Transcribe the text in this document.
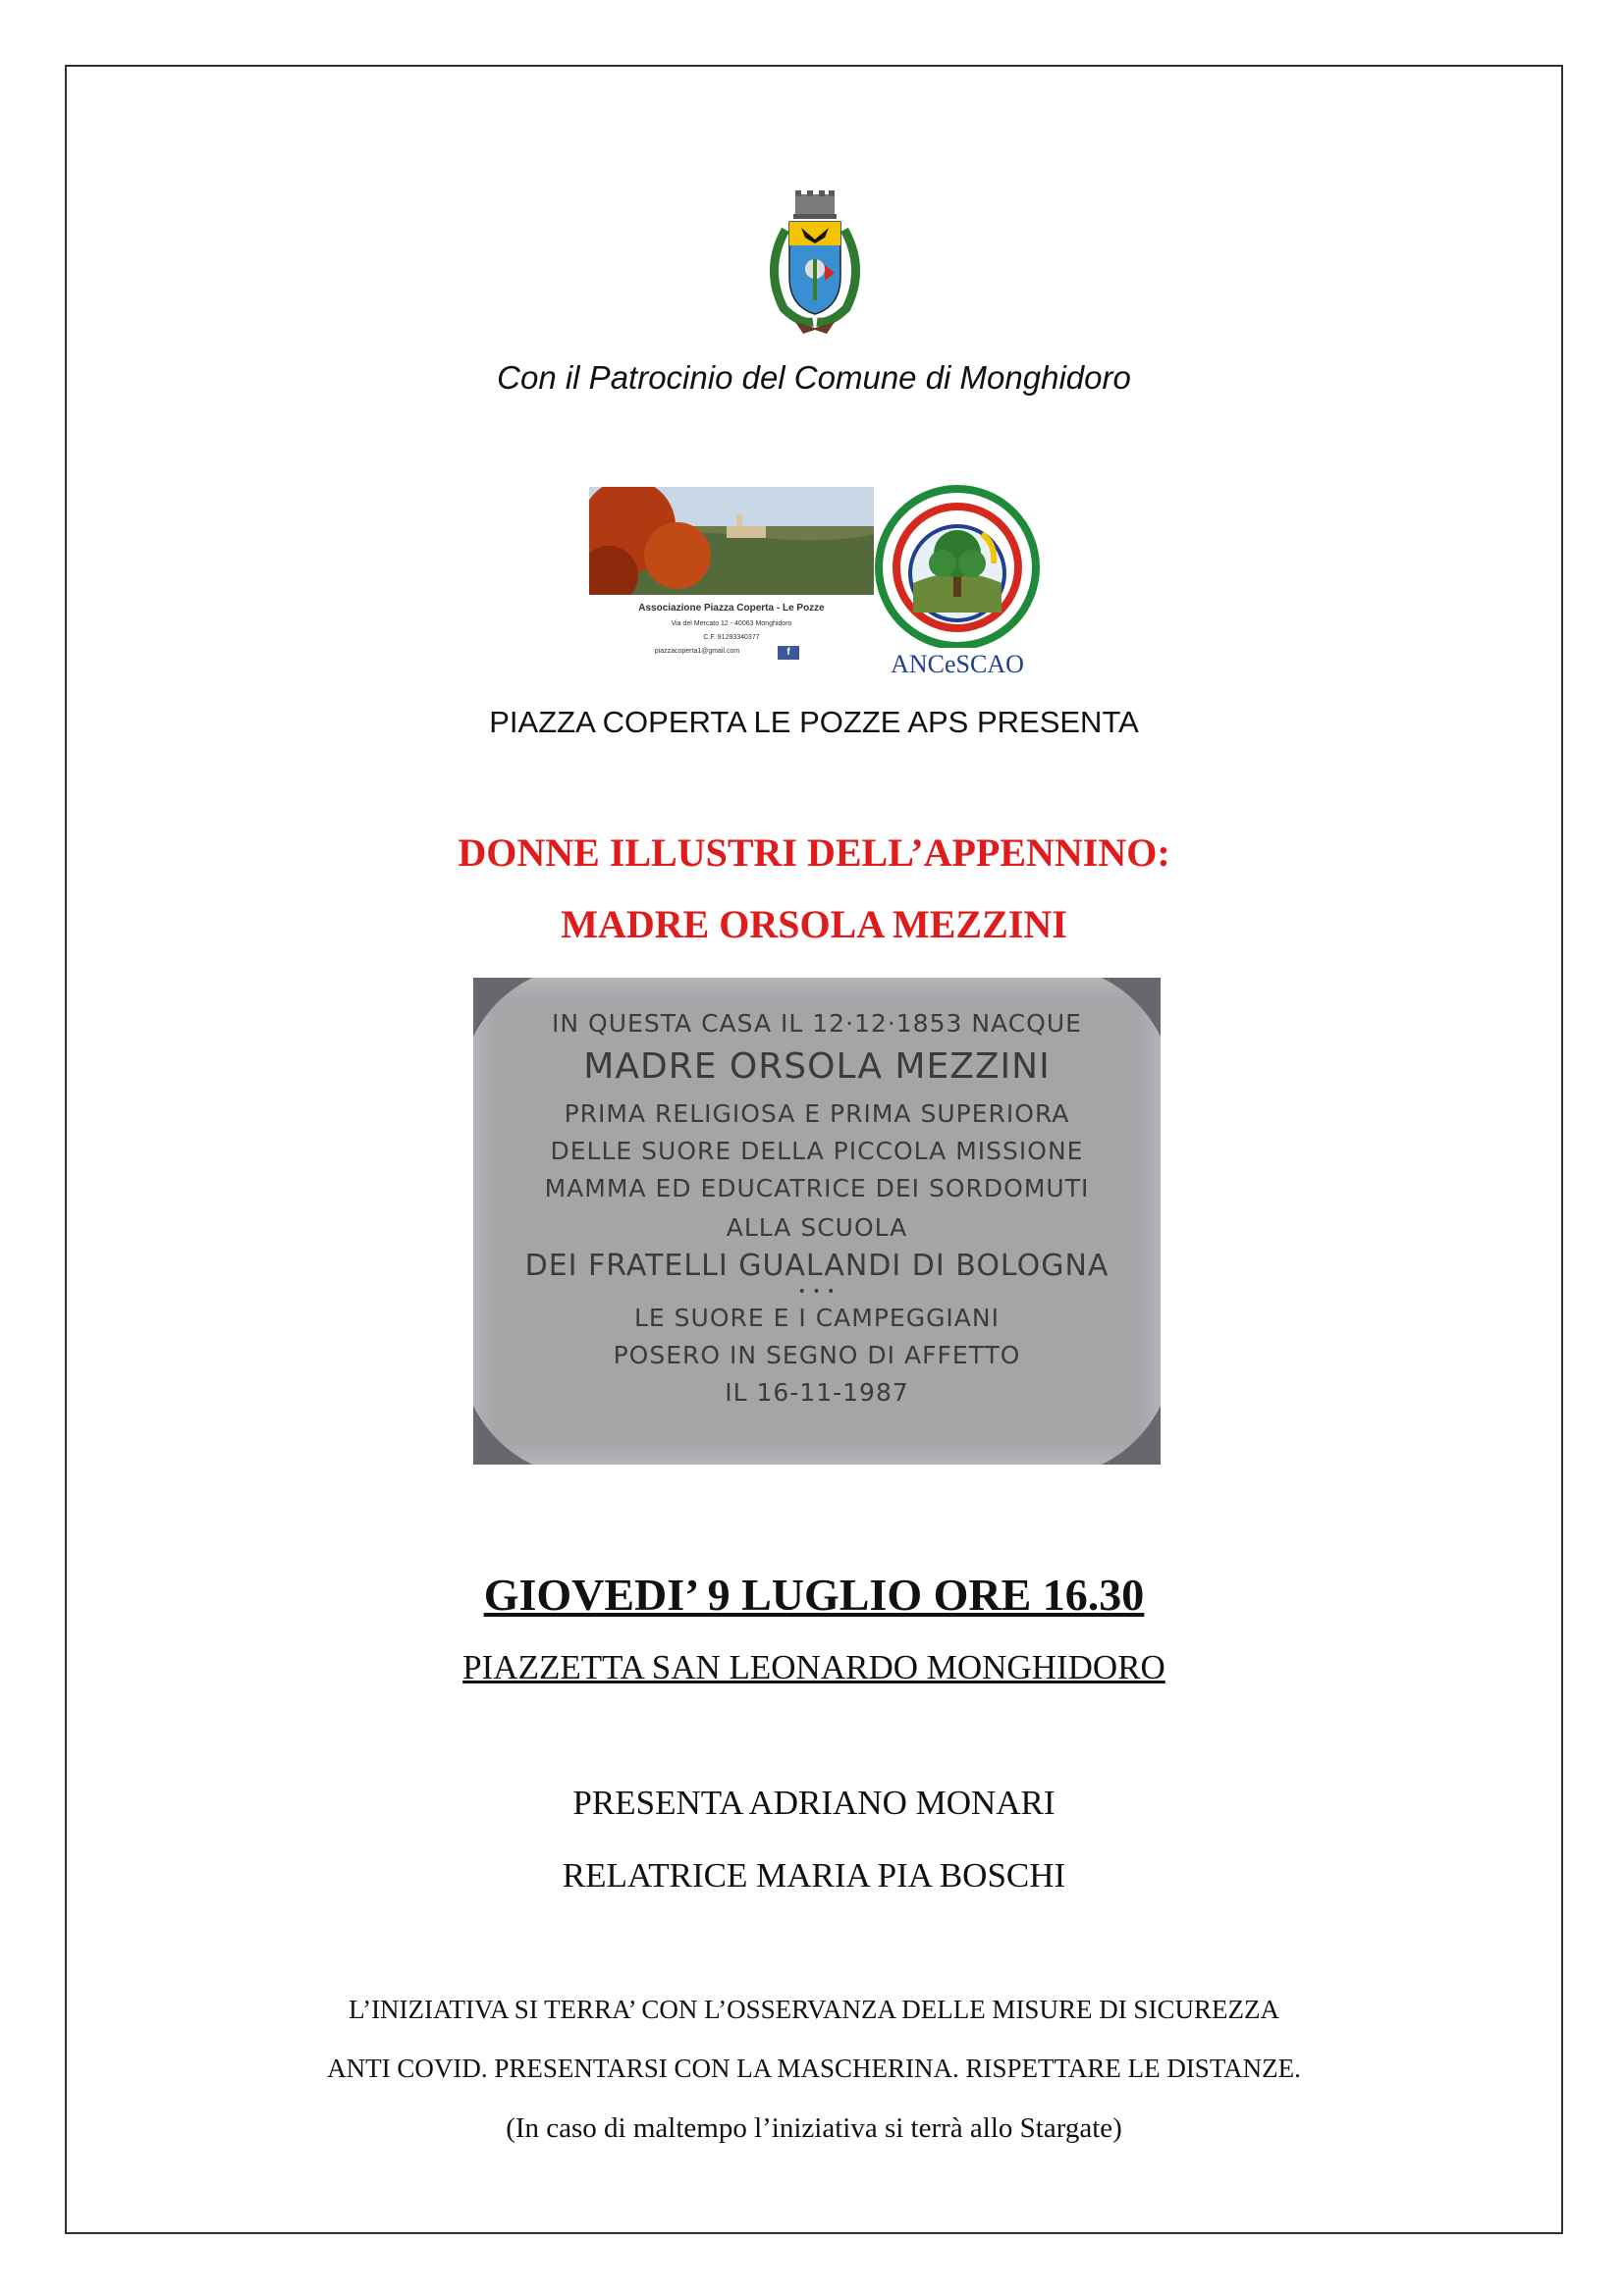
Con il Patrocinio del Comune di Monghidoro
Associazione Piazza Coperta - Le Pozze
Via del Mercato 12 - 40063 Monghidoro
C.F. 91293340377
piazzacoperta1@gmail.com	f	ANCeSCAO
PIAZZA COPERTA LE POZZE APS PRESENTA
DONNE ILLUSTRI DELL’APPENNINO:
MADRE ORSOLA MEZZINI
IN QUESTA CASA IL 12·12·1853 NACQUE
MADRE ORSOLA MEZZINI
PRIMA RELIGIOSA E PRIMA SUPERIORA
DELLE SUORE DELLA PICCOLA MISSIONE
MAMMA ED EDUCATRICE DEI SORDOMUTI
ALLA SCUOLA
DEI FRATELLI GUALANDI DI BOLOGNA
• • •
LE SUORE E I CAMPEGGIANI
POSERO IN SEGNO DI AFFETTO
IL 16-11-1987
GIOVEDI’ 9 LUGLIO ORE 16.30
PIAZZETTA SAN LEONARDO MONGHIDORO
PRESENTA ADRIANO MONARI
RELATRICE MARIA PIA BOSCHI
L’INIZIATIVA SI TERRA’ CON L’OSSERVANZA DELLE MISURE DI SICUREZZA
ANTI COVID. PRESENTARSI CON LA MASCHERINA. RISPETTARE LE DISTANZE.
(In caso di maltempo l’iniziativa si terrà allo Stargate)
